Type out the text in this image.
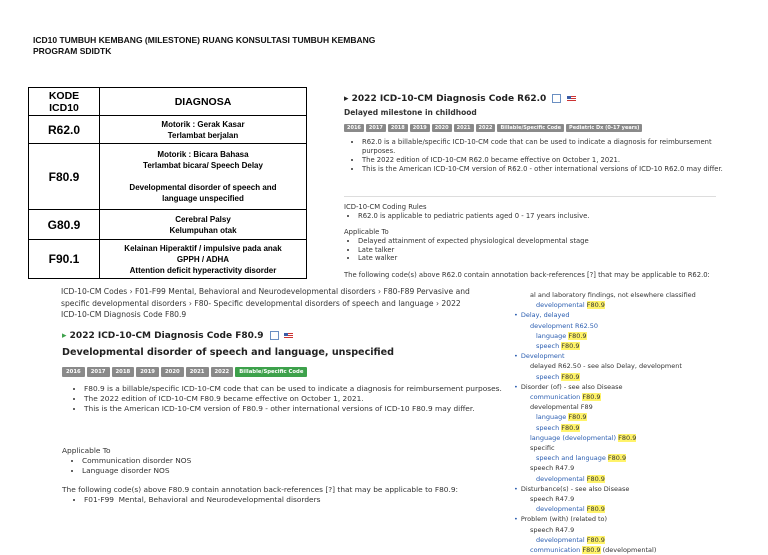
ICD10 TUMBUH KEMBANG (MILESTONE) RUANG KONSULTASI TUMBUH KEMBANG
PROGRAM SDIDTK
▸ 2022 ICD-10-CM Diagnosis Code R62.0
Delayed milestone in childhood
2016	2017	2018	2019	2020	2021	2022	Billable/Specific Code	Pediatric Dx (0-17 years)
• R62.0 is a billable/specific ICD-10-CM code that can be used to indicate a diagnosis for reimbursement purposes.
• The 2022 edition of ICD-10-CM R62.0 became effective on October 1, 2021.
• This is the American ICD-10-CM version of R62.0 - other international versions of ICD-10 R62.0 may differ.
ICD-10-CM Coding Rules
• R62.0 is applicable to pediatric patients aged 0 - 17 years inclusive.
Applicable To
• Delayed attainment of expected physiological developmental stage
• Late talker
• Late walker
The following code(s) above R62.0 contain annotation back-references [?] that may be applicable to R62.0:
al and laboratory findings, not elsewhere classified
developmental F80.9
• Delay, delayed
development R62.50
language F80.9
speech F80.9
• Development
delayed R62.50 - see also Delay, development
speech F80.9
• Disorder (of) - see also Disease
communication F80.9
developmental F89
language F80.9
speech F80.9
language (developmental) F80.9
specific
speech and language F80.9
speech R47.9
developmental F80.9
• Disturbance(s) - see also Disease
speech R47.9
developmental F80.9
• Problem (with) (related to)
speech R47.9
developmental F80.9
communication F80.9 (developmental)
ICD-10-CM Codes › F01-F99 Mental, Behavioral and Neurodevelopmental disorders › F80-F89 Pervasive and
specific developmental disorders › F80- Specific developmental disorders of speech and language › 2022
ICD-10-CM Diagnosis Code F80.9
▸ 2022 ICD-10-CM Diagnosis Code F80.9
Developmental disorder of speech and language, unspecified
2016	2017	2018	2019	2020	2021	2022	Billable/Specific Code
• F80.9 is a billable/specific ICD-10-CM code that can be used to indicate a diagnosis for reimbursement purposes.
• The 2022 edition of ICD-10-CM F80.9 became effective on October 1, 2021.
• This is the American ICD-10-CM version of F80.9 - other international versions of ICD-10 F80.9 may differ.
Applicable To
• Communication disorder NOS
• Language disorder NOS
The following code(s) above F80.9 contain annotation back-references [?] that may be applicable to F80.9:
• F01-F99  Mental, Behavioral and Neurodevelopmental disorders
KODE
ICD10	DIAGNOSA
R62.0	Motorik : Gerak Kasar
Terlambat berjalan

F80.9	Motorik : Bicara Bahasa
Terlambat bicara/ Speech Delay

Developmental disorder of speech and
language unspecified

G80.9	Cerebral Palsy
Kelumpuhan otak

F90.1	Kelainan Hiperaktif / impulsive pada anak
GPPH / ADHA
Attention deficit hyperactivity disorder
